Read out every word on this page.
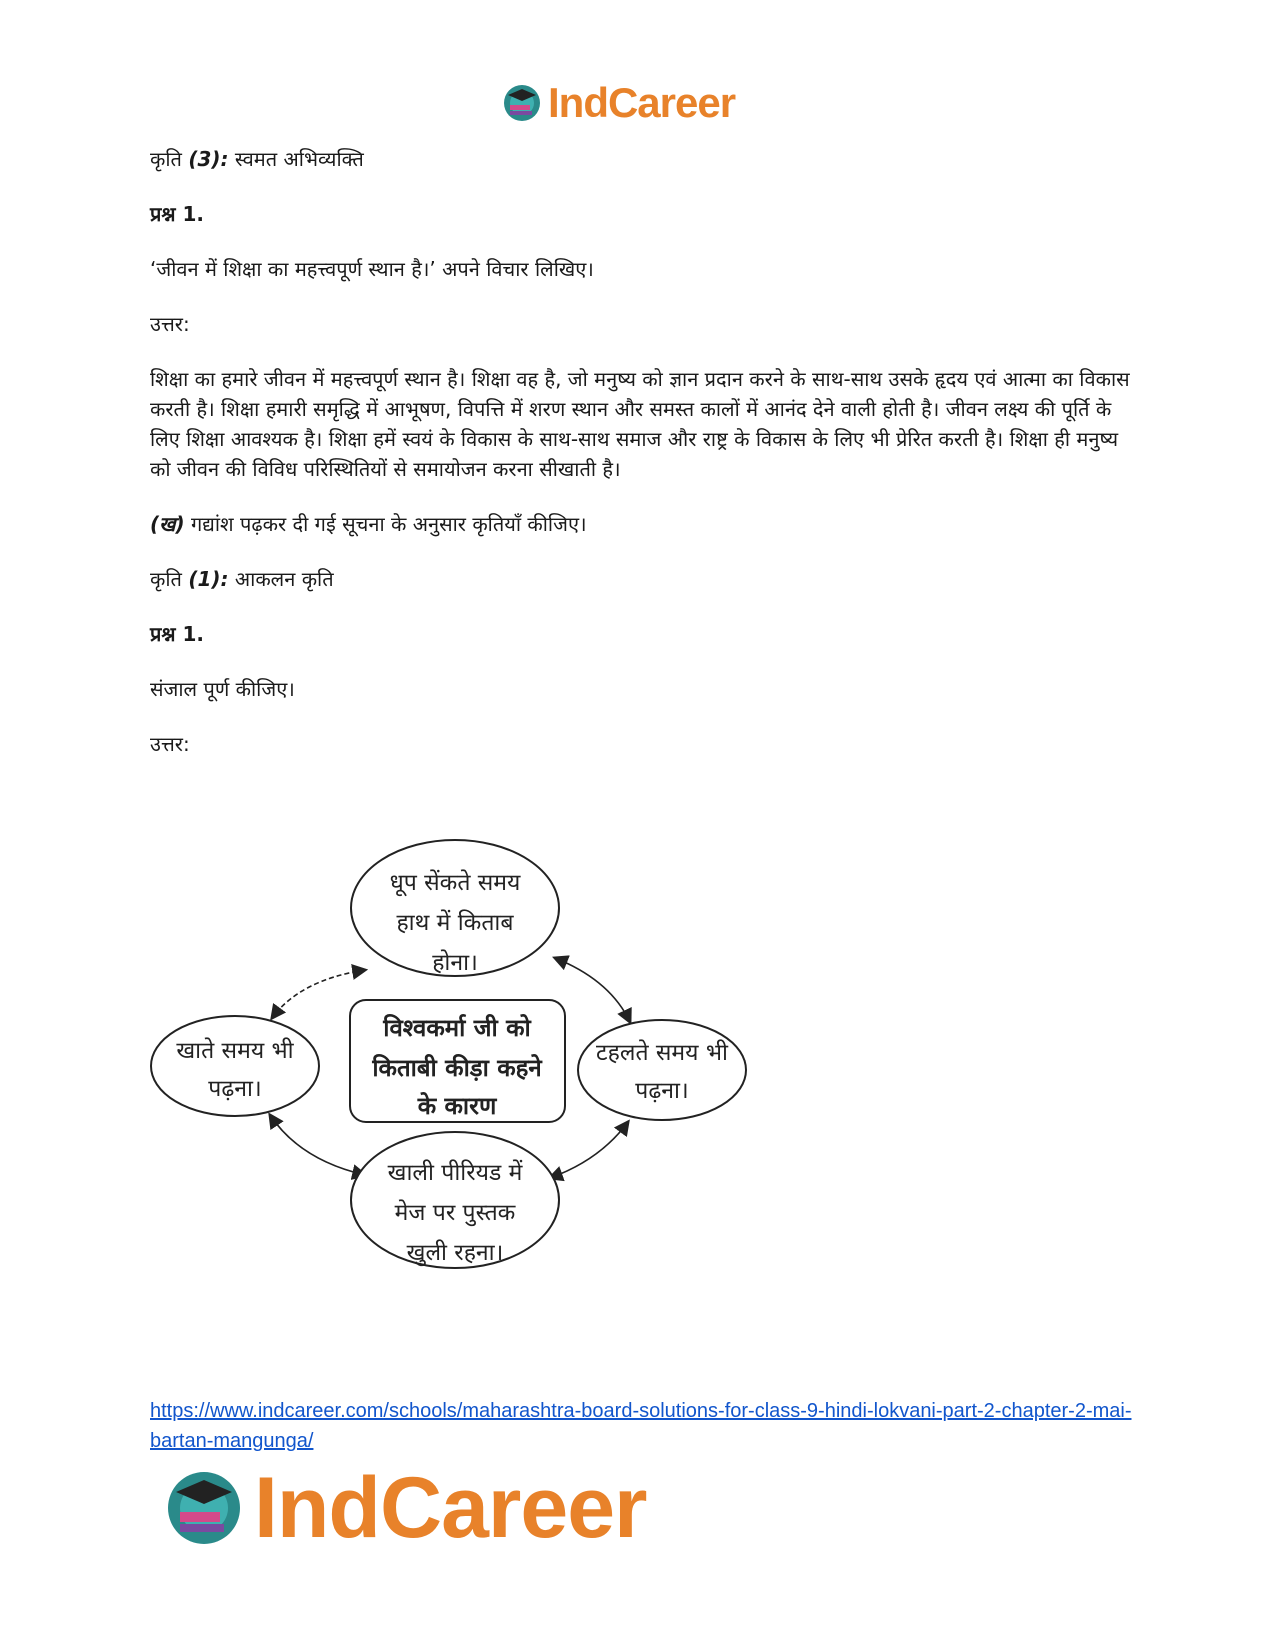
IndCareer

कृति (3): स्वमत अभिव्यक्ति

प्रश्न 1.

‘जीवन में शिक्षा का महत्त्वपूर्ण स्थान है।’ अपने विचार लिखिए।

उत्तर:

शिक्षा का हमारे जीवन में महत्त्वपूर्ण स्थान है। शिक्षा वह है, जो मनुष्य को ज्ञान प्रदान करने के साथ-साथ उसके हृदय एवं आत्मा का विकास करती है। शिक्षा हमारी समृद्धि में आभूषण, विपत्ति में शरण स्थान और समस्त कालों में आनंद देने वाली होती है। जीवन लक्ष्य की पूर्ति के लिए शिक्षा आवश्यक है। शिक्षा हमें स्वयं के विकास के साथ-साथ समाज और राष्ट्र के विकास के लिए भी प्रेरित करती है। शिक्षा ही मनुष्य को जीवन की विविध परिस्थितियों से समायोजन करना सीखाती है।

(ख) गद्यांश पढ़कर दी गई सूचना के अनुसार कृतियाँ कीजिए।

कृति (1): आकलन कृति

प्रश्न 1.

संजाल पूर्ण कीजिए।

उत्तर:

धूप सेंकते समय
हाथ में किताब
होना।
खाते समय भी
पढ़ना।
टहलते समय भी
पढ़ना।
विश्वकर्मा जी को
किताबी कीड़ा कहने
के कारण
खाली पीरियड में
मेज पर पुस्तक
खुली रहना।
https://www.indcareer.com/schools/maharashtra-board-solutions-for-class-9-hindi-lokvani-part-2-chapter-2-mai-bartan-mangunga/
IndCareer
